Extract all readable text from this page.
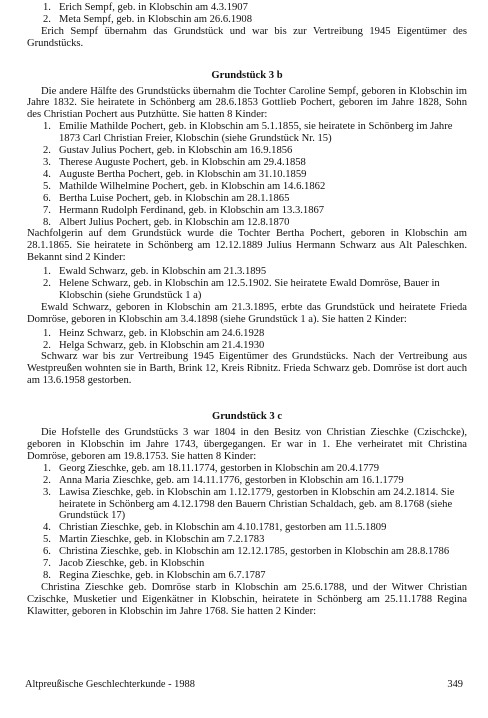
1. Erich Sempf, geb. in Klobschin am 4.3.1907
2. Meta Sempf, geb. in Klobschin am 26.6.1908

Erich Sempf übernahm das Grundstück und war bis zur Vertreibung 1945 Eigentümer des Grundstücks.

Grundstück 3 b

Die andere Hälfte des Grundstücks übernahm die Tochter Caroline Sempf, geboren in Klobschin im Jahre 1832. Sie heiratete in Schönberg am 28.6.1853 Gottlieb Pochert, geboren im Jahre 1828, Sohn des Christian Pochert aus Putzhütte. Sie hatten 8 Kinder:

1. Emilie Mathilde Pochert, geb. in Klobschin am 5.1.1855, sie heiratete in Schönberg im Jahre 1873 Carl Christian Freier, Klobschin (siehe Grundstück Nr. 15)
2. Gustav Julius Pochert, geb. in Klobschin am 16.9.1856
3. Therese Auguste Pochert, geb. in Klobschin am 29.4.1858
4. Auguste Bertha Pochert, geb. in Klobschin am 31.10.1859
5. Mathilde Wilhelmine Pochert, geb. in Klobschin am 14.6.1862
6. Bertha Luise Pochert, geb. in Klobschin am 28.1.1865
7. Hermann Rudolph Ferdinand, geb. in Klobschin am 13.3.1867
8. Albert Julius Pochert, geb. in Klobschin am 12.8.1870

Nachfolgerin auf dem Grundstück wurde die Tochter Bertha Pochert, geboren in Klobschin am 28.1.1865. Sie heiratete in Schönberg am 12.12.1889 Julius Hermann Schwarz aus Alt Paleschken. Bekannt sind 2 Kinder:

1. Ewald Schwarz, geb. in Klobschin am 21.3.1895
2. Helene Schwarz, geb. in Klobschin am 12.5.1902. Sie heiratete Ewald Domröse, Bauer in Klobschin (siehe Grundstück 1 a)

Ewald Schwarz, geboren in Klobschin am 21.3.1895, erbte das Grundstück und heiratete Frieda Domröse, geboren in Klobschin am 3.4.1898 (siehe Grundstück 1 a). Sie hatten 2 Kinder:

1. Heinz Schwarz, geb. in Klobschin am 24.6.1928
2. Helga Schwarz, geb. in Klobschin am 21.4.1930

Schwarz war bis zur Vertreibung 1945 Eigentümer des Grundstücks. Nach der Vertreibung aus Westpreußen wohnten sie in Barth, Brink 12, Kreis Ribnitz. Frieda Schwarz geb. Domröse ist dort auch am 13.6.1958 gestorben.

Grundstück 3 c

Die Hofstelle des Grundstücks 3 war 1804 in den Besitz von Christian Zieschke (Czischcke), geboren in Klobschin im Jahre 1743, übergegangen. Er war in 1. Ehe verheiratet mit Christina Domröse, geboren am 19.8.1753. Sie hatten 8 Kinder:

1. Georg Zieschke, geb. am 18.11.1774, gestorben in Klobschin am 20.4.1779
2. Anna Maria Zieschke, geb. am 14.11.1776, gestorben in Klobschin am 16.1.1779
3. Lawisa Zieschke, geb. in Klobschin am 1.12.1779, gestorben in Klobschin am 24.2.1814. Sie heiratete in Schönberg am 4.12.1798 den Bauern Christian Schaldach, geb. am 8.1768 (siehe Grundstück 17)
4. Christian Zieschke, geb. in Klobschin am 4.10.1781, gestorben am 11.5.1809
5. Martin Zieschke, geb. in Klobschin am 7.2.1783
6. Christina Zieschke, geb. in Klobschin am 12.12.1785, gestorben in Klobschin am 28.8.1786
7. Jacob Zieschke, geb. in Klobschin
8. Regina Zieschke, geb. in Klobschin am 6.7.1787

Christina Zieschke geb. Domröse starb in Klobschin am 25.6.1788, und der Witwer Christian Czischke, Musketier und Eigenkätner in Klobschin, heiratete in Schönberg am 25.11.1788 Regina Klawitter, geboren in Klobschin im Jahre 1768. Sie hatten 2 Kinder:

Altpreußische Geschlechterkunde - 1988	349
